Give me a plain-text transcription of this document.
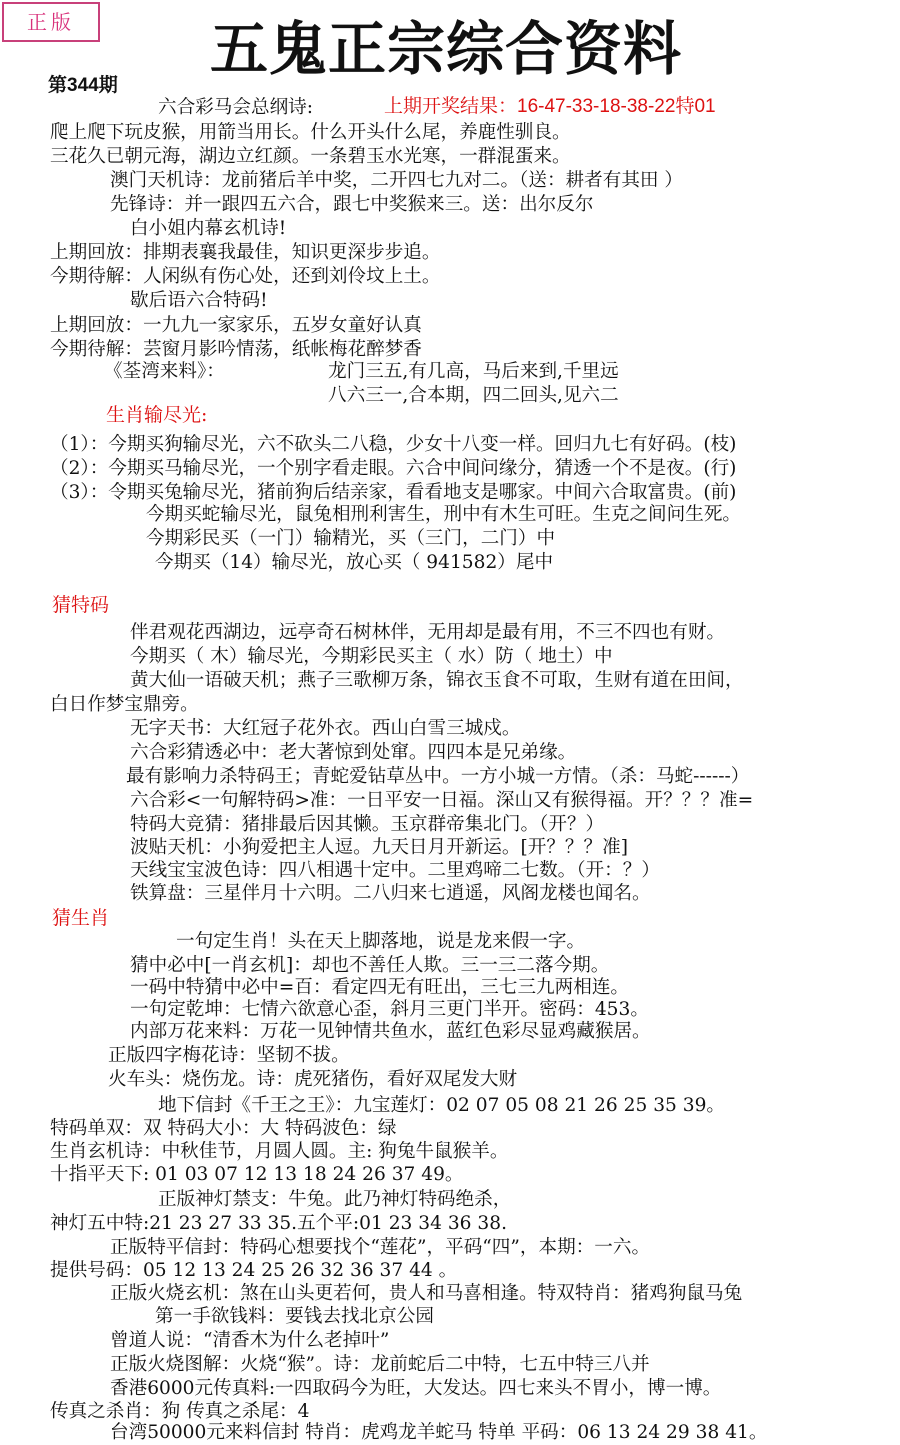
正版	五鬼正宗综合资料
第344期
六合彩马会总纲诗:	上期开奖结果：16-47-33-18-38-22特01
爬上爬下玩皮猴，用箭当用长。什么开头什么尾，养鹿性驯良。
三花久已朝元海，湖边立红颜。一条碧玉水光寒，一群混蛋来。
澳门天机诗：龙前猪后羊中奖，二开四七九对二。（送：耕者有其田 ）
先锋诗：并一跟四五六合，跟七中奖猴来三。送：出尔反尔
白小姐内幕玄机诗!
上期回放：排期表襄我最佳，知识更深步步追。
今期待解：人闲纵有伤心处，还到刘伶坟上土。
歇后语六合特码!
上期回放：一九九一家家乐，五岁女童好认真
今期待解：芸窗月影吟情荡，纸帐梅花醉梦香
《荃湾来料》：	龙门三五,有几高，马后来到,千里远
八六三一,合本期，四二回头,见六二
生肖输尽光:
（1）：今期买狗输尽光，六不砍头二八稳，少女十八变一样。回归九七有好码。(枝)
（2）：今期买马输尽光，一个别字看走眼。六合中间问缘分，猜透一个不是夜。(行)
（3）：令期买兔输尽光，猪前狗后结亲家，看看地支是哪家。中间六合取富贵。(前)
今期买蛇输尽光，鼠兔相刑利害生，刑中有木生可旺。生克之间问生死。
今期彩民买（一门）输精光，买（三门，二门）中
今期买（14）输尽光，放心买（ 941582）尾中
猜特码
伴君观花西湖边，远亭奇石树林伴，无用却是最有用，不三不四也有财。
今期买（ 木）输尽光，今期彩民买主（ 水）防（ 地土）中
黄大仙一语破天机；燕子三歌柳万条，锦衣玉食不可取，生财有道在田间，
白日作梦宝鼎旁。
无字天书：大红冠子花外衣。西山白雪三城戍。
六合彩猜透必中：老大著惊到处窜。四四本是兄弟缘。
最有影响力杀特码王；青蛇爱钻草丛中。一方小城一方情。（杀：马蛇------）
六合彩<一句解特码>准：一日平安一日福。深山又有猴得福。开？？？准=
特码大竞猜：猪排最后因其懒。玉京群帝集北门。（开？）
波贴天机：小狗爱把主人逗。九天日月开新运。[开？？？准]
天线宝宝波色诗：四八相遇十定中。二里鸡啼二七数。（开：？）
铁算盘：三星伴月十六明。二八归来七逍遥，风阁龙楼也闻名。
猜生肖
一句定生肖！头在天上脚落地，说是龙来假一字。
猜中必中[一肖玄机]：却也不善任人欺。三一三二落今期。
一码中特猜中必中=百：看定四无有旺出，三七三九两相连。
一句定乾坤：七情六欲意心歪，斜月三更门半开。密码：453。
内部万花来料：万花一见钟情共鱼水，蓝红色彩尽显鸡藏猴居。
正版四字梅花诗：坚韧不拔。
火车头：烧伤龙。诗：虎死猪伤，看好双尾发大财
地下信封《千王之王》：九宝莲灯：02 07 05 08 21 26 25 35 39。
特码单双：双 特码大小：大 特码波色：绿
生肖玄机诗：中秋佳节，月圆人圆。主: 狗兔牛鼠猴羊。
十指平天下: 01 03 07 12 13 18 24 26 37 49。
正版神灯禁支：牛兔。此乃神灯特码绝杀，
神灯五中特:21 23 27 33 35.五个平:01 23 34 36 38.
正版特平信封：特码心想要找个“莲花”，平码“四”，本期：一六。
提供号码：05 12 13 24 25 26 32 36 37 44 。
正版火烧玄机：煞在山头更若何，贵人和马喜相逢。特双特肖：猪鸡狗鼠马兔
第一手欲钱料：要钱去找北京公园
曾道人说：“清香木为什么老掉叶”
正版火烧图解：火烧“猴”。诗：龙前蛇后二中特，七五中特三八并
香港6000元传真料:一四取码今为旺，大发达。四七来头不胃小，博一博。
传真之杀肖：狗 传真之杀尾：4
台湾50000元来料信封 特肖：虎鸡龙羊蛇马 特单 平码：06 13 24 29 38 41。
